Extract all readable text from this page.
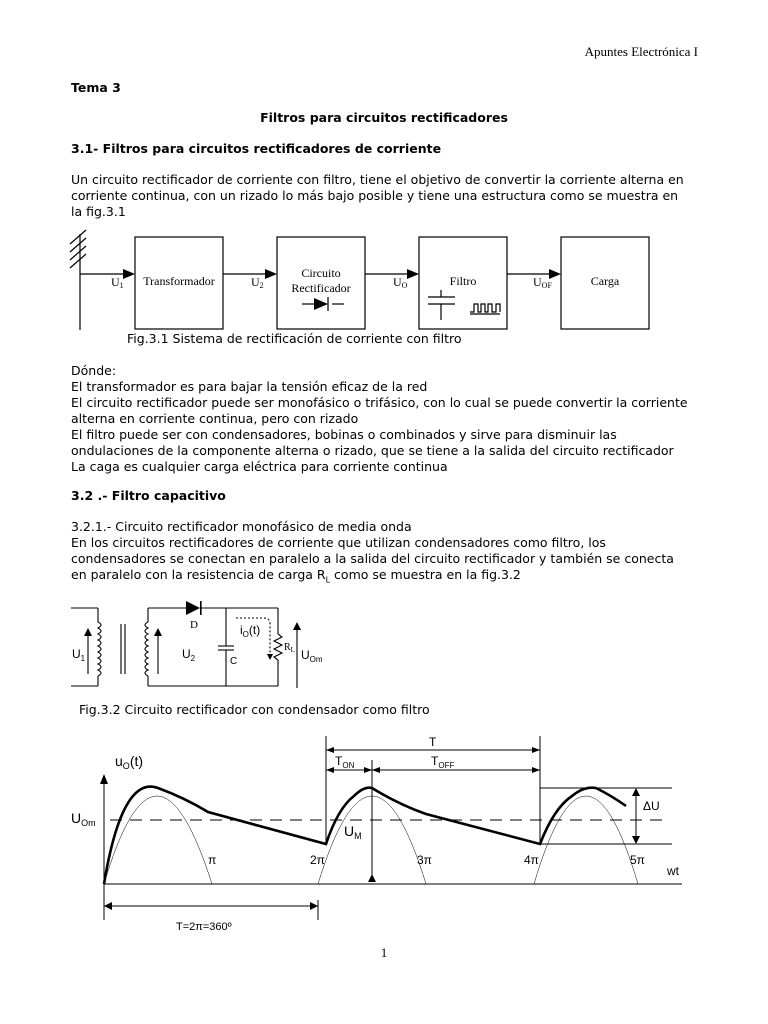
Apuntes Electrónica I
Tema 3
Filtros para circuitos rectificadores
3.1- Filtros para circuitos rectificadores de corriente
Un circuito rectificador de corriente con filtro, tiene el objetivo de convertir la corriente alterna en
corriente continua, con un rizado lo más bajo posible y tiene una estructura como se muestra en
la fig.3.1
U1 Transformador	U2
Circuito
Rectificador	UO	Filtro	UOF	Carga
Fig.3.1 Sistema de rectificación de corriente con filtro
Dónde:
El transformador es para bajar la tensión eficaz de la red
El circuito rectificador puede ser monofásico o trifásico, con lo cual se puede convertir la corriente
alterna en corriente continua, pero con rizado
El filtro puede ser con condensadores, bobinas o combinados y sirve para disminuir las
ondulaciones de la componente alterna o rizado, que se tiene a la salida del circuito rectificador
La caga es cualquier carga eléctrica para corriente continua
3.2 .- Filtro capacitivo
3.2.1.- Circuito rectificador monofásico de media onda
En los circuitos rectificadores de corriente que utilizan condensadores como filtro, los
condensadores se conectan en paralelo a la salida del circuito rectificador y también se conecta
en paralelo con la resistencia de carga $R_L$ como se muestra en la fig.3.2
D
$U_1$	$U_2$	C
$i_O(t)$
$R_L$ $U_{Om}$
Fig.3.2 Circuito rectificador con condensador como filtro
$u_O(t)$
$U_{Om}$	$U_M$
T
$T_{ON}$	$T_{OFF}$
ΔU
wt
π	2π	3π	4π	5π
T=2π=360º
1
